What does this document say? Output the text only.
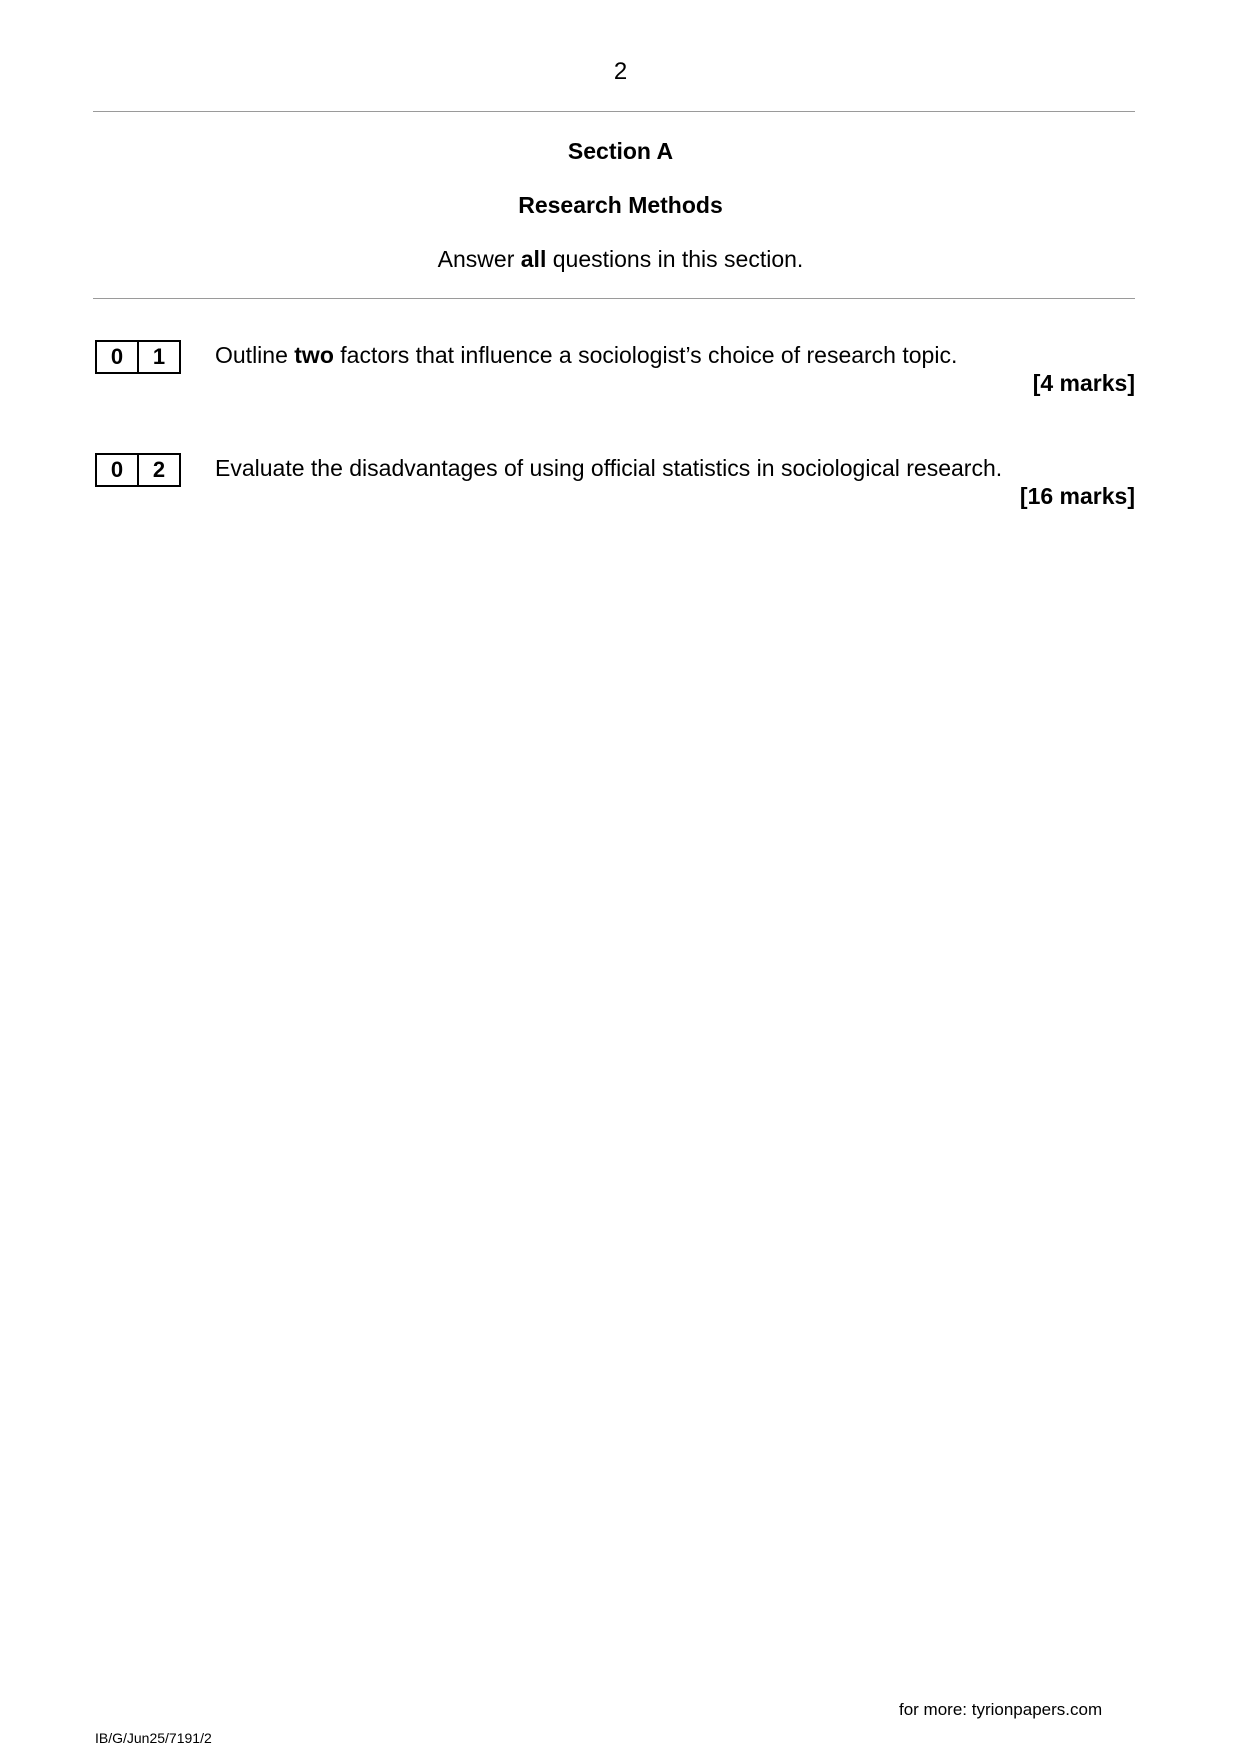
2
Section A
Research Methods
Answer all questions in this section.
0	1	Outline two factors that influence a sociologist’s choice of research topic.
[4 marks]
0	2	Evaluate the disadvantages of using official statistics in sociological research.
[16 marks]
for more: tyrionpapers.com
IB/G/Jun25/7191/2
